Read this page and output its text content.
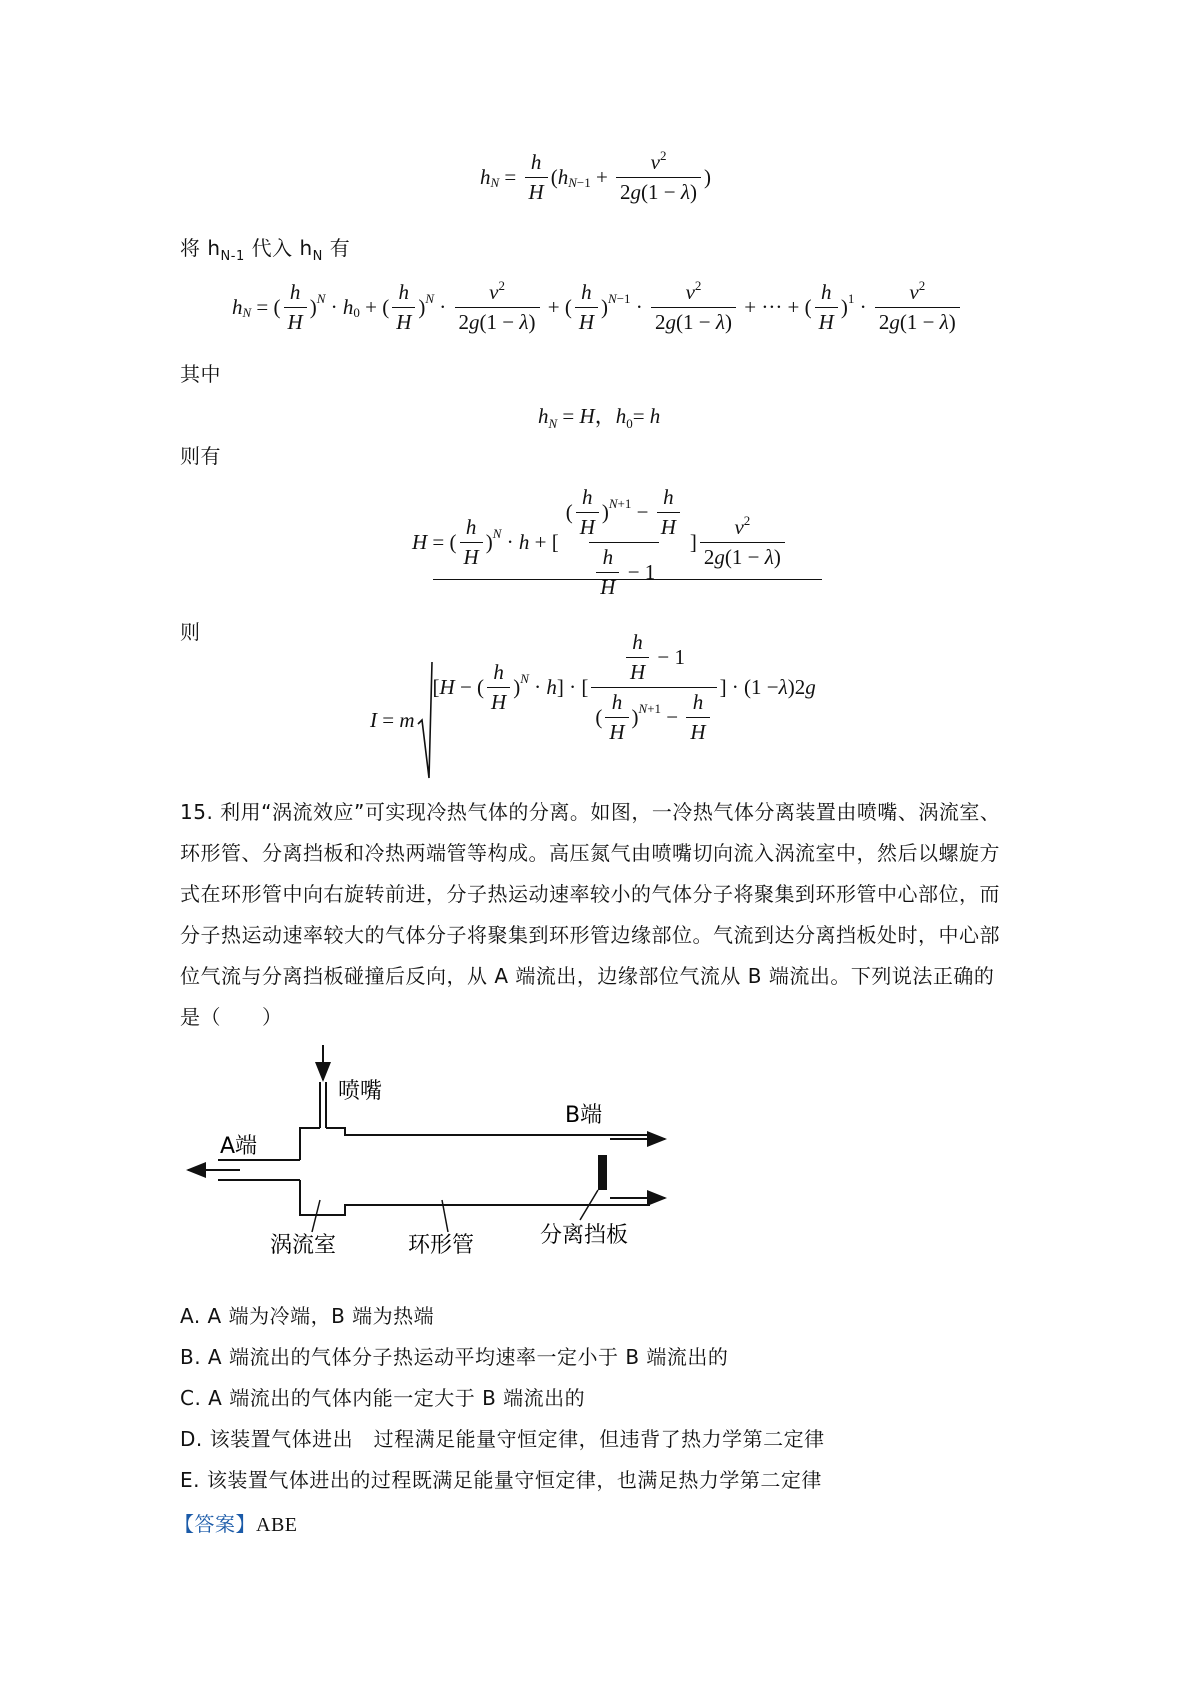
h $N = \frac{h}{H}$ ( h $N -1 + \frac{v^2}{2g(1 - \lambda)}$ )
将 $h_{N-1}$ 代入 $h_N$ 有
h N = ( $\frac{h}{H}$ ) N · h 0 + ( $\frac{h}{H}$ ) $N \cdot \frac{v^2}{2g(1 - \lambda)}$ + ( $\frac{h}{H}$ ) $N-1 \cdot \frac{v^2}{2g(1 - \lambda)}$ + ··· + ( $\frac{h}{H}$ ) $1 \cdot \frac{v^2}{2g(1 - \lambda)}$
其中
$h_N = H$，$h_0= h$
则有
H = ( $\frac{h}{H}$ ) N · h + [ $\frac{( \frac{h}{H} ) N+1 - \frac{h}{H}}{\frac{h}{H} - 1}$ ] $\frac{v^2}{2g(1 - \lambda)}$
则
I = m
[ H − ( $\frac{h}{H}$ ) N · h ] · [ $\frac{\frac{h}{H} - 1}{( \frac{h}{H} ) N+1 - \frac{h}{H}}$ ] · (1 − λ )2 g
15. 利用“涡流效应”可实现冷热气体的分离。如图，一冷热气体分离装置由喷嘴、涡流室、
环形管、分离挡板和冷热两端管等构成。高压氮气由喷嘴切向流入涡流室中，然后以螺旋方
式在环形管中向右旋转前进，分子热运动速率较小的气体分子将聚集到环形管中心部位，而
分子热运动速率较大的气体分子将聚集到环形管边缘部位。气流到达分离挡板处时，中心部
位气流与分离挡板碰撞后反向，从 A 端流出，边缘部位气流从 B 端流出。下列说法正确的
是（　　）
喷嘴
B端
A端
涡流室	环形管	分离挡板
A. A 端为冷端，B 端为热端
B. A 端流出的气体分子热运动平均速率一定小于 B 端流出的
C. A 端流出的气体内能一定大于 B 端流出的
D. 该装置气体进出　过程满足能量守恒定律，但违背了热力学第二定律
E. 该装置气体进出的过程既满足能量守恒定律，也满足热力学第二定律
【答案】ABE
